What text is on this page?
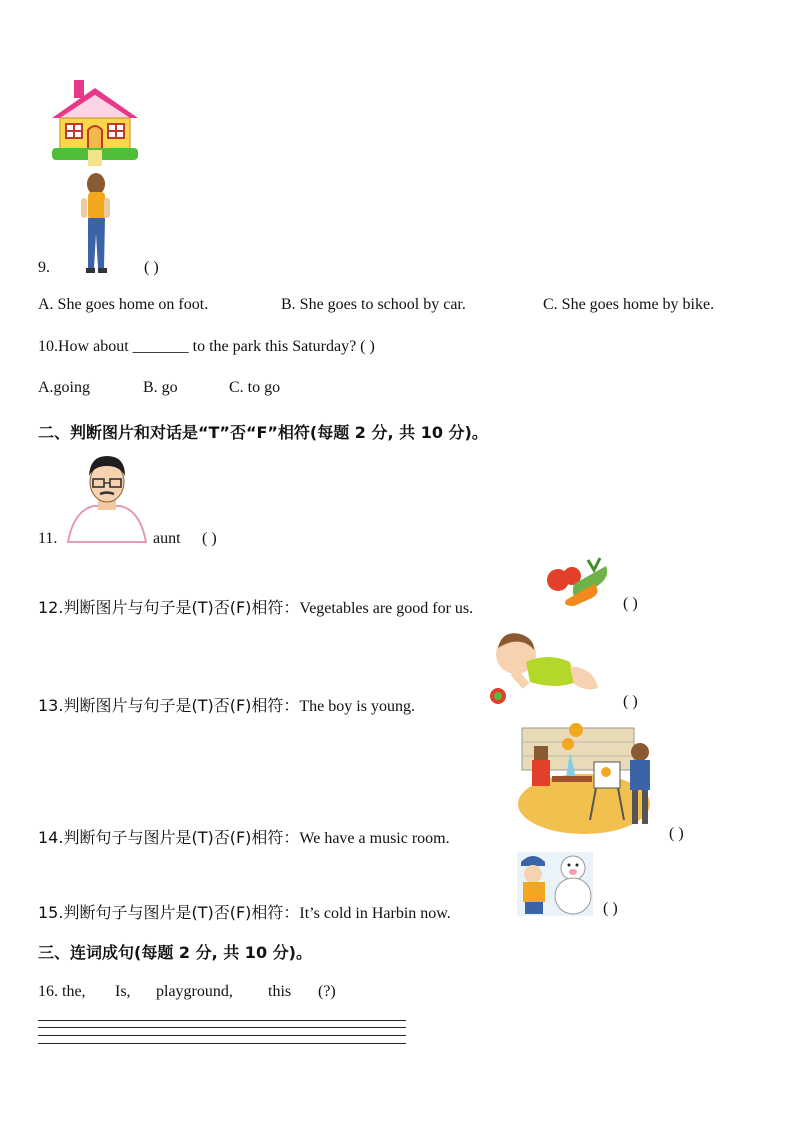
9.	( )
A. She goes home on foot.	B. She goes to school by car.	C. She goes home by bike.
10.How about _______ to the park this Saturday? ( )
A.going	B. go	C. to go
二、判断图片和对话是“T”否“F”相符(每题 2 分, 共 10 分)。
11.	aunt ( )
12.判断图片与句子是(T)否(F)相符：Vegetables are good for us.	( )
13.判断图片与句子是(T)否(F)相符：The boy is young.	( )
14.判断句子与图片是(T)否(F)相符：We have a music room.	( )
15.判断句子与图片是(T)否(F)相符：It’s cold in Harbin now.	( )
三、连词成句(每题 2 分, 共 10 分)。
16. the, Is, playground, this (?)
